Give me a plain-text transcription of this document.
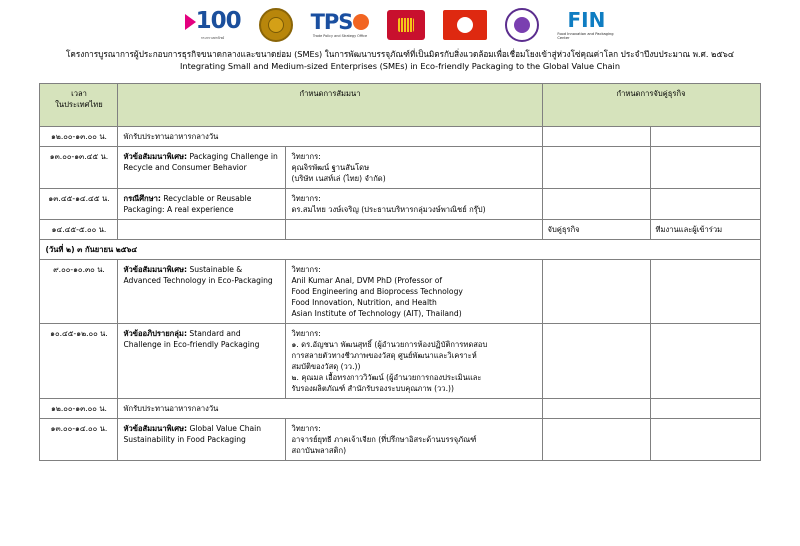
100
กระทรวงพาณิชย์
TPS
Trade Policy and Strategy Office
FIN
Food Innovation and Packaging Center
โครงการบูรณาการผู้ประกอบการธุรกิจขนาดกลางและขนาดย่อม (SMEs) ในการพัฒนาบรรจุภัณฑ์ที่เป็นมิตรกับสิ่งแวดล้อมเพื่อเชื่อมโยงเข้าสู่ห่วงโซ่คุณค่าโลก ประจำปีงบประมาณ พ.ศ. ๒๕๖๔
Integrating Small and Medium-sized Enterprises (SMEs) in Eco-friendly Packaging to the Global Value Chain
เวลา
ในประเทศไทย	กำหนดการสัมมนา		กำหนดการจับคู่ธุรกิจ	
๑๒.๐๐-๑๓.๐๐ น.	พักรับประทานอาหารกลางวัน			
๑๓.๐๐-๑๓.๔๕ น.	หัวข้อสัมมนาพิเศษ: Packaging Challenge in Recycle and Consumer Behavior	วิทยากร:
คุณจิรพัฒน์ ฐานสันโดษ
(บริษัท เนสท์เล่ (ไทย) จำกัด)		

๑๓.๔๕-๑๔.๔๕ น.	กรณีศึกษา: Recyclable or Reusable Packaging: A real experience	วิทยากร:
ดร.สมไทย วงษ์เจริญ (ประธานบริหารกลุ่มวงษ์พาณิชย์ กรุ๊ป)		

๑๔.๔๕-๕.๐๐ น.			จับคู่ธุรกิจ	ทีมงานและผู้เข้าร่วม
(วันที่ ๒) ๓ กันยายน ๒๕๖๔				
๙.๐๐-๑๐.๓๐ น.	หัวข้อสัมมนาพิเศษ: Sustainable & Advanced Technology in Eco-Packaging	วิทยากร:
Anil Kumar Anal, DVM PhD (Professor of
Food Engineering and Bioprocess Technology
Food Innovation, Nutrition, and Health
Asian Institute of Technology (AIT), Thailand)		

๑๐.๔๕-๑๒.๐๐ น.	หัวข้ออภิปรายกลุ่ม: Standard and Challenge in Eco-friendly Packaging	
วิทยากร:
๑. ดร.อัญชนา พัฒนสุทธิ์ (ผู้อำนวยการห้องปฏิบัติการทดสอบ
การสลายตัวทางชีวภาพของวัสดุ ศูนย์พัฒนาและวิเคราะห์
สมบัติของวัสดุ (วว.))
๒. คุณมล เอื้อทรงกาววิวัฒน์ (ผู้อำนวยการกองประเมินและ
รับรองผลิตภัณฑ์ สำนักรับรองระบบคุณภาพ (วว.))

๑๒.๐๐-๑๓.๐๐ น.	พักรับประทานอาหารกลางวัน			
๑๓.๐๐-๑๔.๐๐ น.	หัวข้อสัมมนาพิเศษ: Global Value Chain Sustainability in Food Packaging	วิทยากร:
อาจารย์ยุทธี ภาคเจ้าเจียก (ที่ปรึกษาอิสระด้านบรรจุภัณฑ์
สถาบันพลาสติก)		
